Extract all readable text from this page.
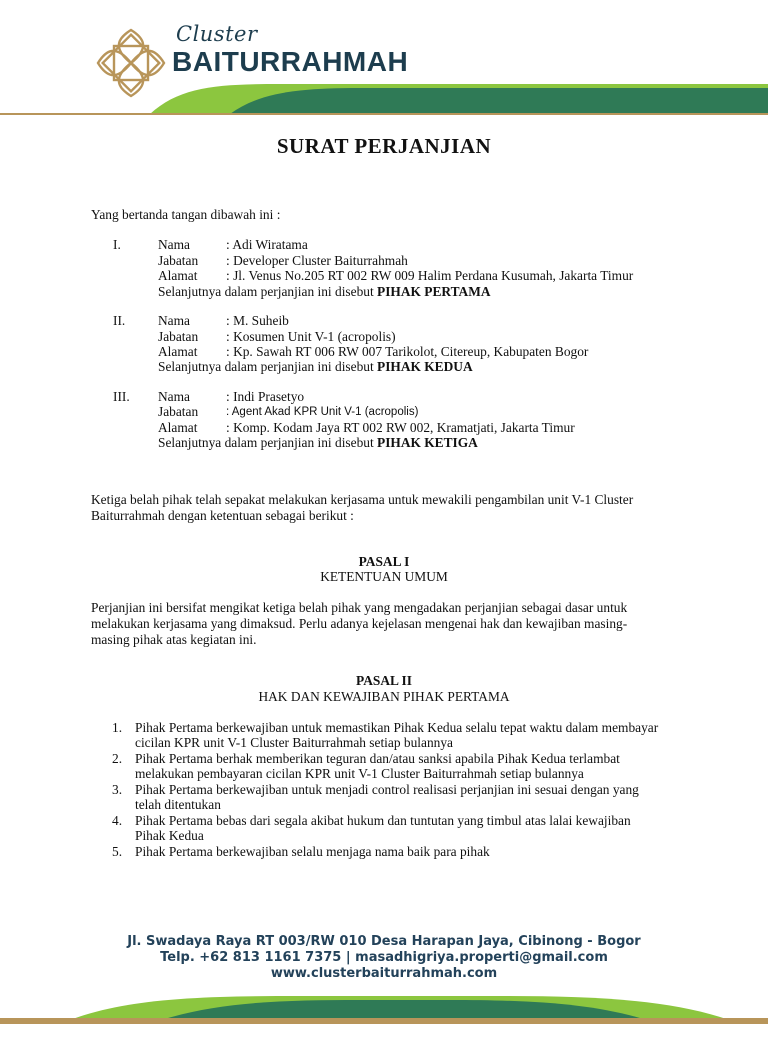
Cluster
BAITURRAHMAH
SURAT PERJANJIAN
Yang bertanda tangan dibawah ini :
I.	Nama	: Adi Wiratama
Jabatan : Developer Cluster Baiturrahmah
Alamat : Jl. Venus No.205 RT 002 RW 009 Halim Perdana Kusumah, Jakarta Timur
Selanjutnya dalam perjanjian ini disebut PIHAK PERTAMA
II. Nama	: M. Suheib
Jabatan : Kosumen Unit V-1 (acropolis)
Alamat : Kp. Sawah RT 006 RW 007 Tarikolot, Citereup, Kabupaten Bogor
Selanjutnya dalam perjanjian ini disebut PIHAK KEDUA
III. Nama	: Indi Prasetyo
Jabatan : Agent Akad KPR Unit V-1 (acropolis)
Alamat : Komp. Kodam Jaya RT 002 RW 002, Kramatjati, Jakarta Timur
Selanjutnya dalam perjanjian ini disebut PIHAK KETIGA
Ketiga belah pihak telah sepakat melakukan kerjasama untuk mewakili pengambilan unit V-1 Cluster
Baiturrahmah dengan ketentuan sebagai berikut :
PASAL I
KETENTUAN UMUM
Perjanjian ini bersifat mengikat ketiga belah pihak yang mengadakan perjanjian sebagai dasar untuk
melakukan kerjasama yang dimaksud. Perlu adanya kejelasan mengenai hak dan kewajiban masing-
masing pihak atas kegiatan ini.
PASAL II
HAK DAN KEWAJIBAN PIHAK PERTAMA
1. Pihak Pertama berkewajiban untuk memastikan Pihak Kedua selalu tepat waktu dalam membayar
cicilan KPR unit V-1 Cluster Baiturrahmah setiap bulannya
2. Pihak Pertama berhak memberikan teguran dan/atau sanksi apabila Pihak Kedua terlambat
melakukan pembayaran cicilan KPR unit V-1 Cluster Baiturrahmah setiap bulannya
3. Pihak Pertama berkewajiban untuk menjadi control realisasi perjanjian ini sesuai dengan yang
telah ditentukan
4. Pihak Pertama bebas dari segala akibat hukum dan tuntutan yang timbul atas lalai kewajiban
Pihak Kedua
5. Pihak Pertama berkewajiban selalu menjaga nama baik para pihak
Jl. Swadaya Raya RT 003/RW 010 Desa Harapan Jaya, Cibinong - Bogor
Telp. +62 813 1161 7375 | masadhigriya.properti@gmail.com
www.clusterbaiturrahmah.com
